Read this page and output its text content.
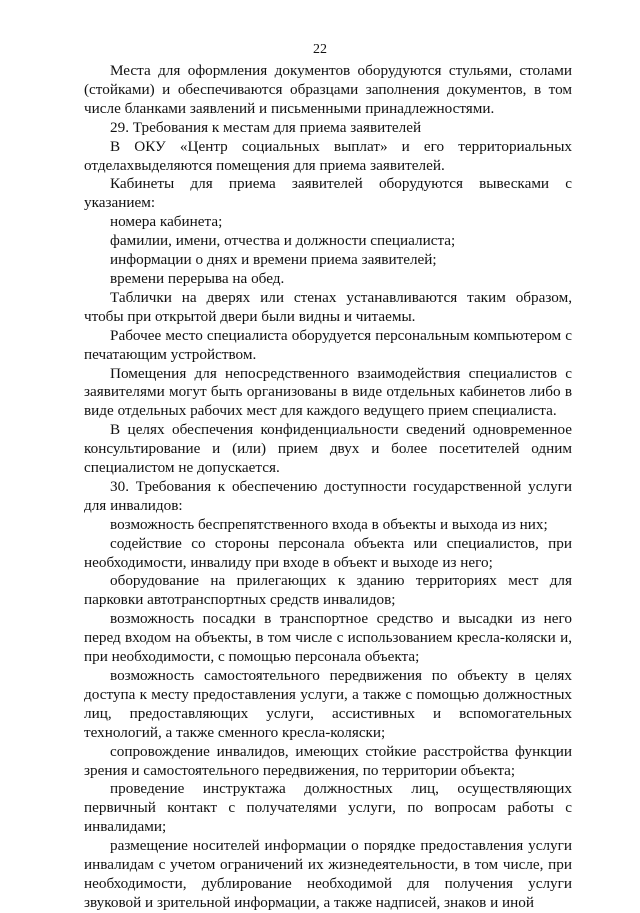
22

Места для оформления документов оборудуются стульями, столами (стойками) и обеспечиваются образцами заполнения документов, в том числе бланками заявлений и письменными принадлежностями.

29. Требования к местам для приема заявителей

В ОКУ «Центр социальных выплат» и его территориальных отделахвыделяются помещения для приема заявителей.

Кабинеты для приема заявителей оборудуются вывесками с указанием:

номера кабинета;

фамилии, имени, отчества и должности специалиста;

информации о днях и времени приема заявителей;

времени перерыва на обед.

Таблички на дверях или стенах устанавливаются таким образом, чтобы при открытой двери были видны и читаемы.

Рабочее место специалиста оборудуется персональным компьютером с печатающим устройством.

Помещения для непосредственного взаимодействия специалистов с заявителями могут быть организованы в виде отдельных кабинетов либо в виде отдельных рабочих мест для каждого ведущего прием специалиста.

В целях обеспечения конфиденциальности сведений одновременное консультирование и (или) прием двух и более посетителей одним специалистом не допускается.

30. Требования к обеспечению доступности государственной услуги для инвалидов:

возможность беспрепятственного входа в объекты и выхода из них;

содействие со стороны персонала объекта или специалистов, при необходимости, инвалиду при входе в объект и выходе из него;

оборудование на прилегающих к зданию территориях мест для парковки автотранспортных средств инвалидов;

возможность посадки в транспортное средство и высадки из него перед входом на объекты, в том числе с использованием кресла-коляски и, при необходимости, с помощью персонала объекта;

возможность самостоятельного передвижения по объекту в целях доступа к месту предоставления услуги, а также с помощью должностных лиц, предоставляющих услуги, ассистивных и вспомогательных технологий, а также сменного кресла-коляски;

сопровождение инвалидов, имеющих стойкие расстройства функции зрения и самостоятельного передвижения, по территории объекта;

проведение инструктажа должностных лиц, осуществляющих первичный контакт с получателями услуги, по вопросам работы с инвалидами;

размещение носителей информации о порядке предоставления услуги инвалидам с учетом ограничений их жизнедеятельности, в том числе, при необходимости, дублирование необходимой для получения услуги звуковой и зрительной информации, а также надписей, знаков и иной
